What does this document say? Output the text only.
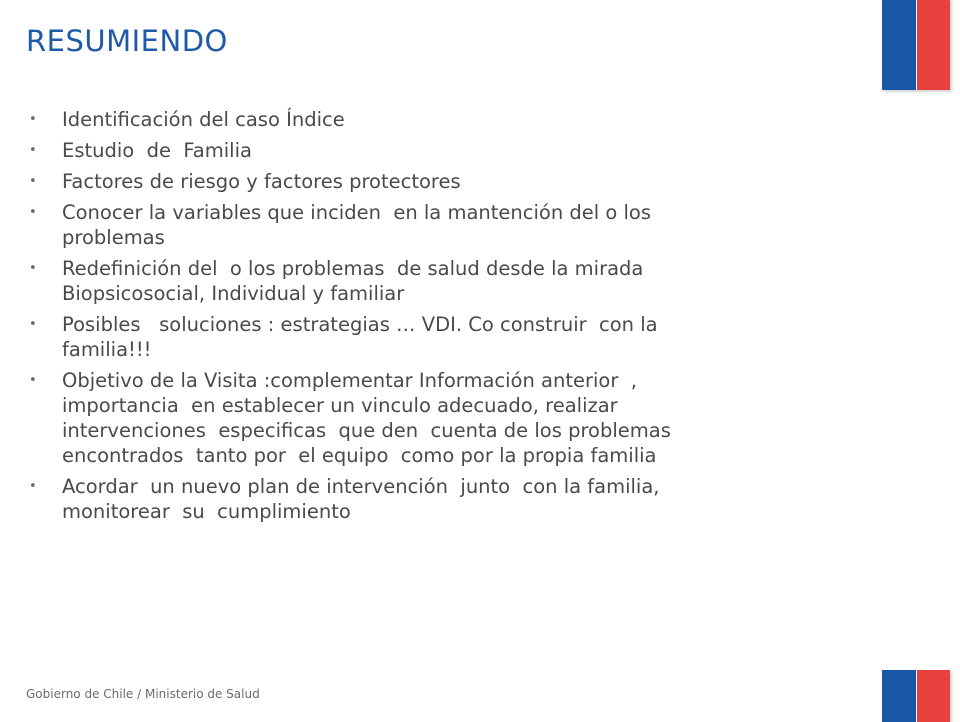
RESUMIENDO
• Identificación del caso Índice
• Estudio  de  Familia
• Factores de riesgo y factores protectores
• Conocer la variables que inciden  en la mantención del o los
problemas
• Redefinición del  o los problemas  de salud desde la mirada
Biopsicosocial, Individual y familiar
• Posibles   soluciones : estrategias … VDI. Co construir  con la
familia!!!
• Objetivo de la Visita :complementar Información anterior  ,
importancia  en establecer un vinculo adecuado, realizar
intervenciones  especificas  que den  cuenta de los problemas
encontrados  tanto por  el equipo  como por la propia familia
• Acordar  un nuevo plan de intervención  junto  con la familia,
monitorear  su  cumplimiento
Gobierno de Chile / Ministerio de Salud
